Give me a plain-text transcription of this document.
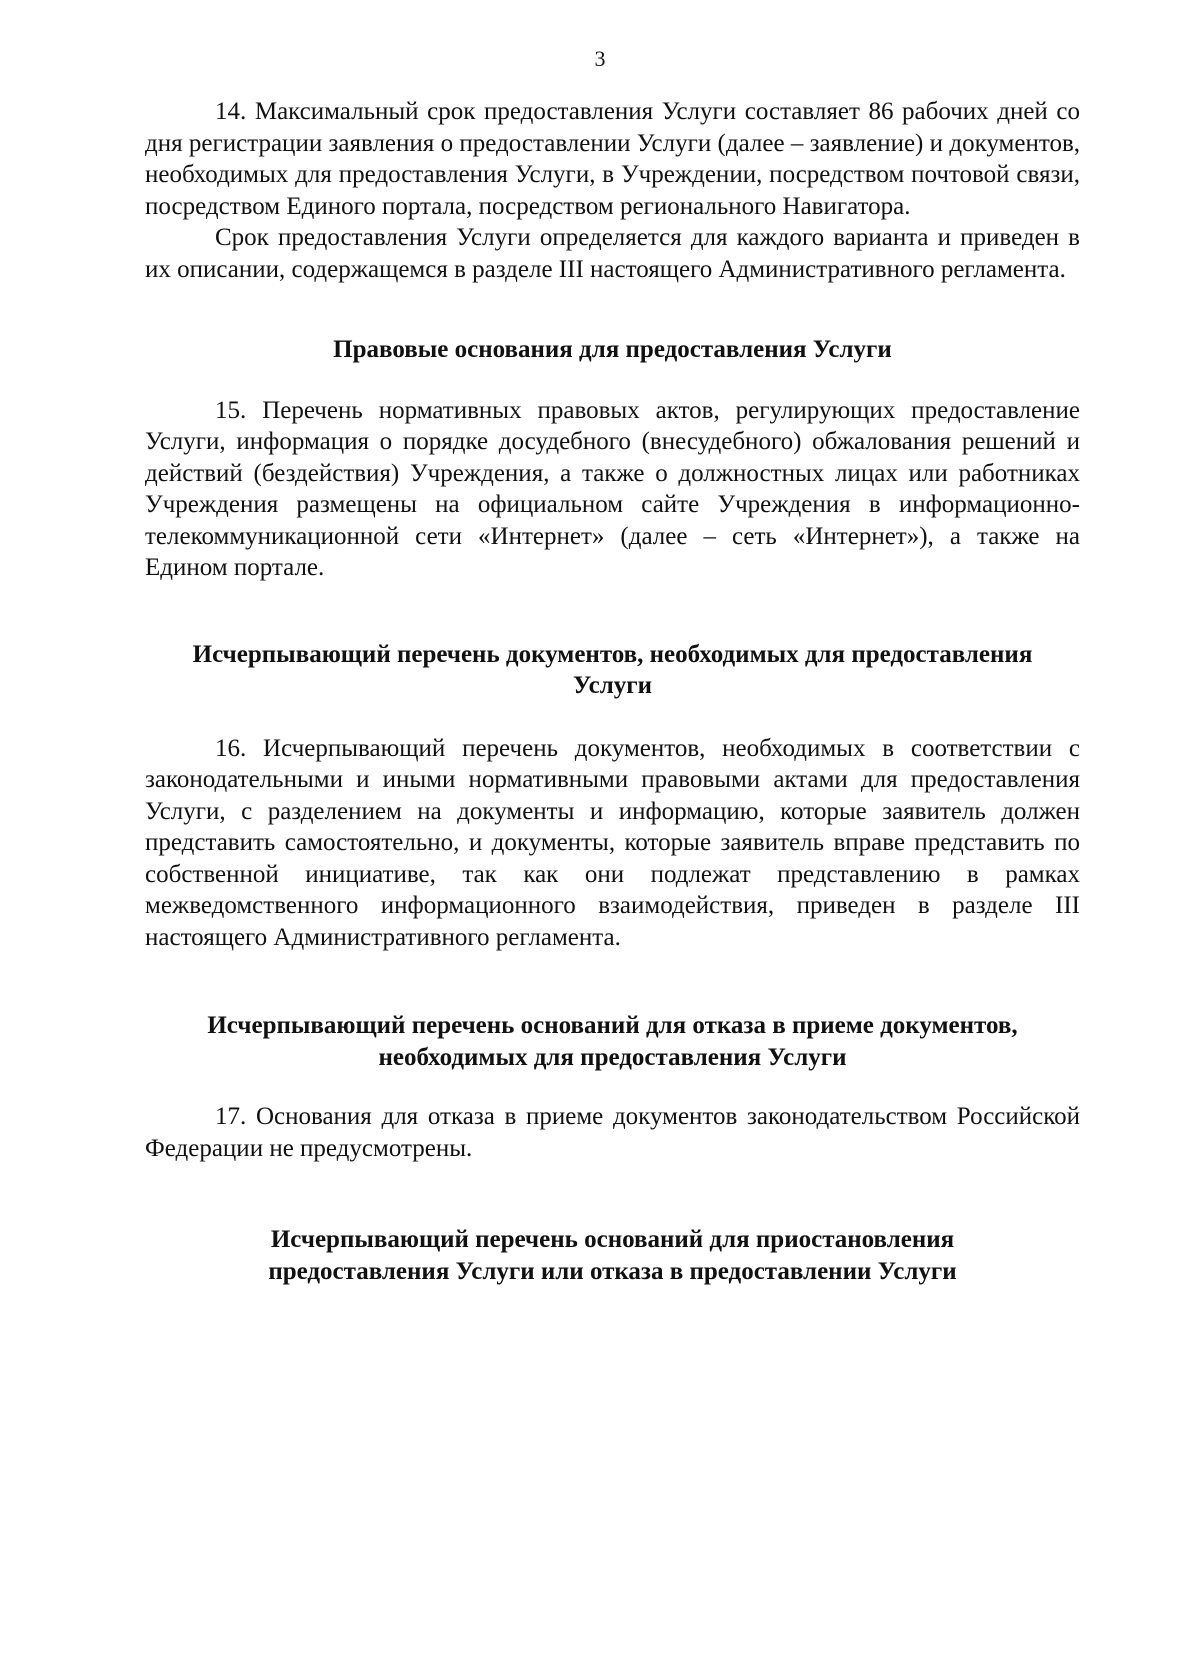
3

14. Максимальный срок предоставления Услуги составляет 86 рабочих дней со дня регистрации заявления о предоставлении Услуги (далее – заявление) и документов, необходимых для предоставления Услуги, в Учреждении, посредством почтовой связи, посредством Единого портала, посредством регионального Навигатора.

Срок предоставления Услуги определяется для каждого варианта и приведен в их описании, содержащемся в разделе III настоящего Административного регламента.

Правовые основания для предоставления Услуги

15. Перечень нормативных правовых актов, регулирующих предоставление Услуги, информация о порядке досудебного (внесудебного) обжалования решений и действий (бездействия) Учреждения, а также о должностных лицах или работниках Учреждения размещены на официальном сайте Учреждения в информационно-телекоммуникационной сети «Интернет» (далее – сеть «Интернет»), а также на Едином портале.

Исчерпывающий перечень документов, необходимых для предоставления
Услуги

16. Исчерпывающий перечень документов, необходимых в соответствии с законодательными и иными нормативными правовыми актами для предоставления Услуги, с разделением на документы и информацию, которые заявитель должен представить самостоятельно, и документы, которые заявитель вправе представить по собственной инициативе, так как они подлежат представлению в рамках межведомственного информационного взаимодействия, приведен в разделе III настоящего Административного регламента.

Исчерпывающий перечень оснований для отказа в приеме документов,
необходимых для предоставления Услуги

17. Основания для отказа в приеме документов законодательством Российской Федерации не предусмотрены.

Исчерпывающий перечень оснований для приостановления
предоставления Услуги или отказа в предоставлении Услуги
